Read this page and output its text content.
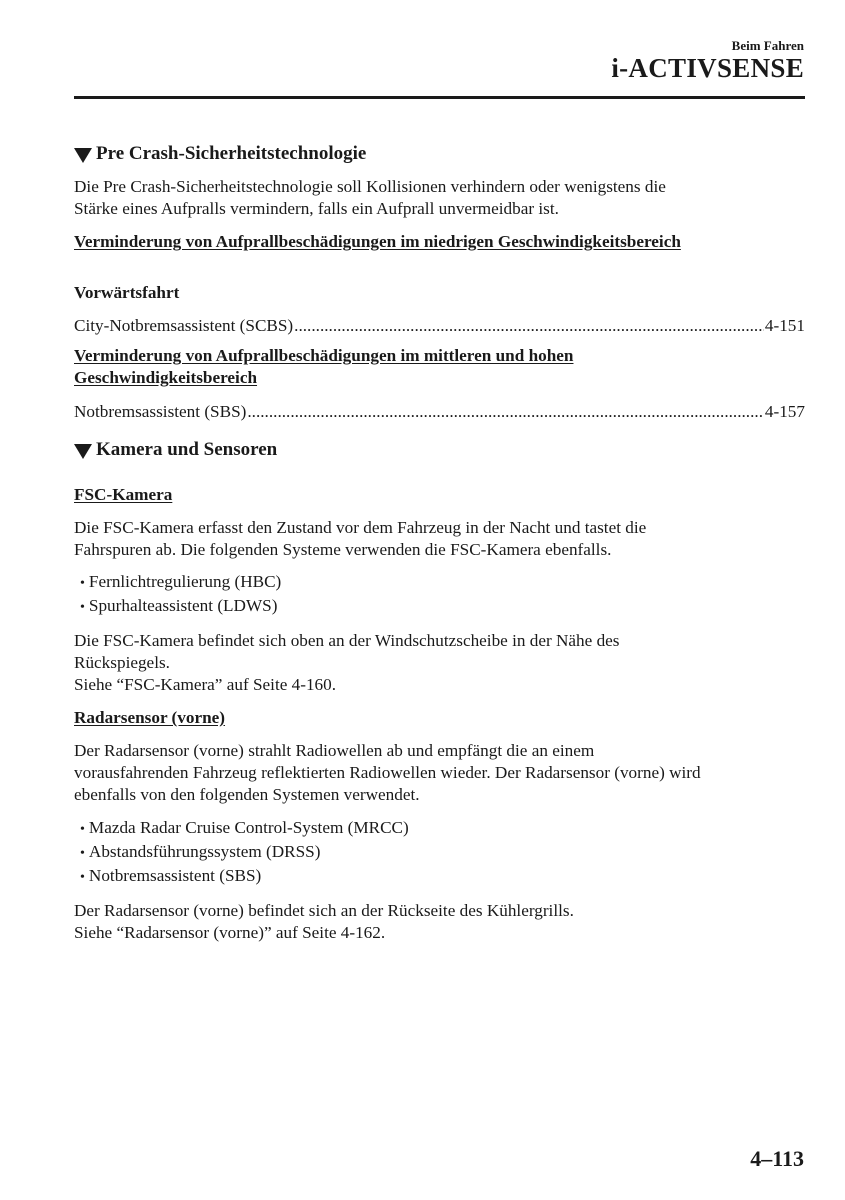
Beim Fahren
i-ACTIVSENSE
Pre Crash-Sicherheitstechnologie

Die Pre Crash-Sicherheitstechnologie soll Kollisionen verhindern oder wenigstens die
Stärke eines Aufpralls vermindern, falls ein Aufprall unvermeidbar ist.

Verminderung von Aufprallbeschädigungen im niedrigen Geschwindigkeitsbereich

Vorwärtsfahrt

City-Notbremsassistent (SCBS) .....	4-151

Verminderung von Aufprallbeschädigungen im mittleren und hohen
Geschwindigkeitsbereich

Notbremsassistent (SBS) .....	4-157
Kamera und Sensoren

FSC-Kamera

Die FSC-Kamera erfasst den Zustand vor dem Fahrzeug in der Nacht und tastet die
Fahrspuren ab. Die folgenden Systeme verwenden die FSC-Kamera ebenfalls.

• Fernlichtregulierung (HBC)
• Spurhalteassistent (LDWS)

Die FSC-Kamera befindet sich oben an der Windschutzscheibe in der Nähe des
Rückspiegels.
Siehe “FSC-Kamera” auf Seite 4-160.

Radarsensor (vorne)

Der Radarsensor (vorne) strahlt Radiowellen ab und empfängt die an einem
vorausfahrenden Fahrzeug reflektierten Radiowellen wieder. Der Radarsensor (vorne) wird
ebenfalls von den folgenden Systemen verwendet.

• Mazda Radar Cruise Control-System (MRCC)
• Abstandsführungssystem (DRSS)
• Notbremsassistent (SBS)

Der Radarsensor (vorne) befindet sich an der Rückseite des Kühlergrills.
Siehe “Radarsensor (vorne)” auf Seite 4-162.

4–113
